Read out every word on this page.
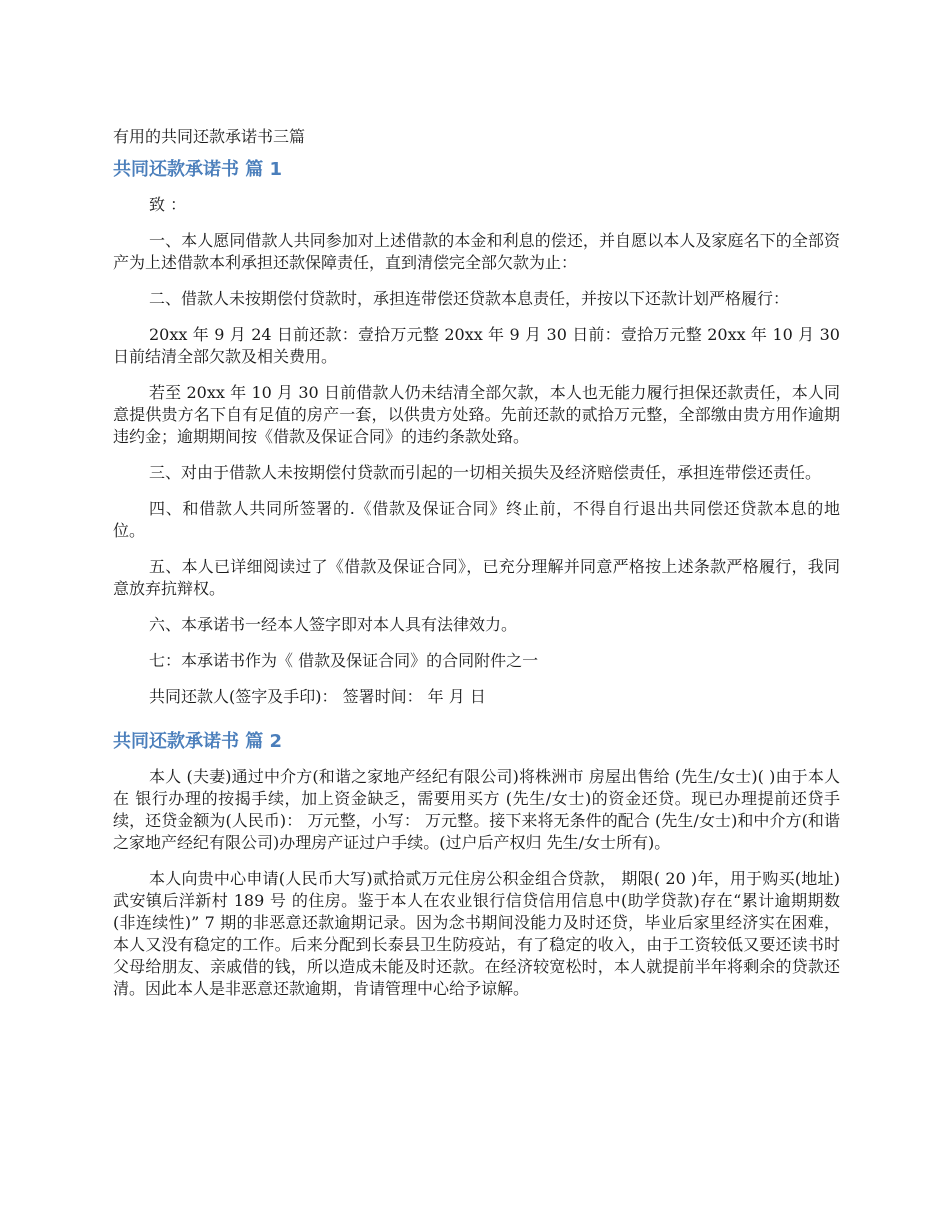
有用的共同还款承诺书三篇
共同还款承诺书 篇 1

致 ：

一、本人愿同借款人共同参加对上述借款的本金和利息的偿还，并自愿以本人及家庭名下的全部资产为上述借款本利承担还款保障责任，直到清偿完全部欠款为止：

二、借款人未按期偿付贷款时，承担连带偿还贷款本息责任，并按以下还款计划严格履行：

20xx 年 9 月 24 日前还款：壹拾万元整 20xx 年 9 月 30 日前：壹拾万元整 20xx 年 10 月 30 日前结清全部欠款及相关费用。

若至 20xx 年 10 月 30 日前借款人仍未结清全部欠款，本人也无能力履行担保还款责任，本人同意提供贵方名下自有足值的房产一套，以供贵方处臵。先前还款的贰拾万元整，全部缴由贵方用作逾期违约金；逾期期间按《借款及保证合同》的违约条款处臵。

三、对由于借款人未按期偿付贷款而引起的一切相关损失及经济赔偿责任，承担连带偿还责任。

四、和借款人共同所签署的.《借款及保证合同》终止前，不得自行退出共同偿还贷款本息的地位。

五、本人已详细阅读过了《借款及保证合同》，已充分理解并同意严格按上述条款严格履行，我同意放弃抗辩权。

六、本承诺书一经本人签字即对本人具有法律效力。

七：本承诺书作为《 借款及保证合同》的合同附件之一

共同还款人(签字及手印)： 签署时间： 年 月 日

共同还款承诺书 篇 2

本人 (夫妻)通过中介方(和谐之家地产经纪有限公司)将株洲市 房屋出售给 (先生/女士)( )由于本人在 银行办理的按揭手续，加上资金缺乏，需要用买方 (先生/女士)的资金还贷。现已办理提前还贷手续，还贷金额为(人民币)： 万元整，小写： 万元整。接下来将无条件的配合 (先生/女士)和中介方(和谐之家地产经纪有限公司)办理房产证过户手续。(过户后产权归 先生/女士所有)。

本人向贵中心申请(人民币大写)贰拾贰万元住房公积金组合贷款， 期限( 20 )年，用于购买(地址) 武安镇后洋新村 189 号 的住房。鉴于本人在农业银行信贷信用信息中(助学贷款)存在“累计逾期期数(非连续性)” 7 期的非恶意还款逾期记录。因为念书期间没能力及时还贷，毕业后家里经济实在困难，本人又没有稳定的工作。后来分配到长泰县卫生防疫站，有了稳定的收入，由于工资较低又要还读书时父母给朋友、亲戚借的钱，所以造成未能及时还款。在经济较宽松时，本人就提前半年将剩余的贷款还清。因此本人是非恶意还款逾期，肯请管理中心给予谅解。
